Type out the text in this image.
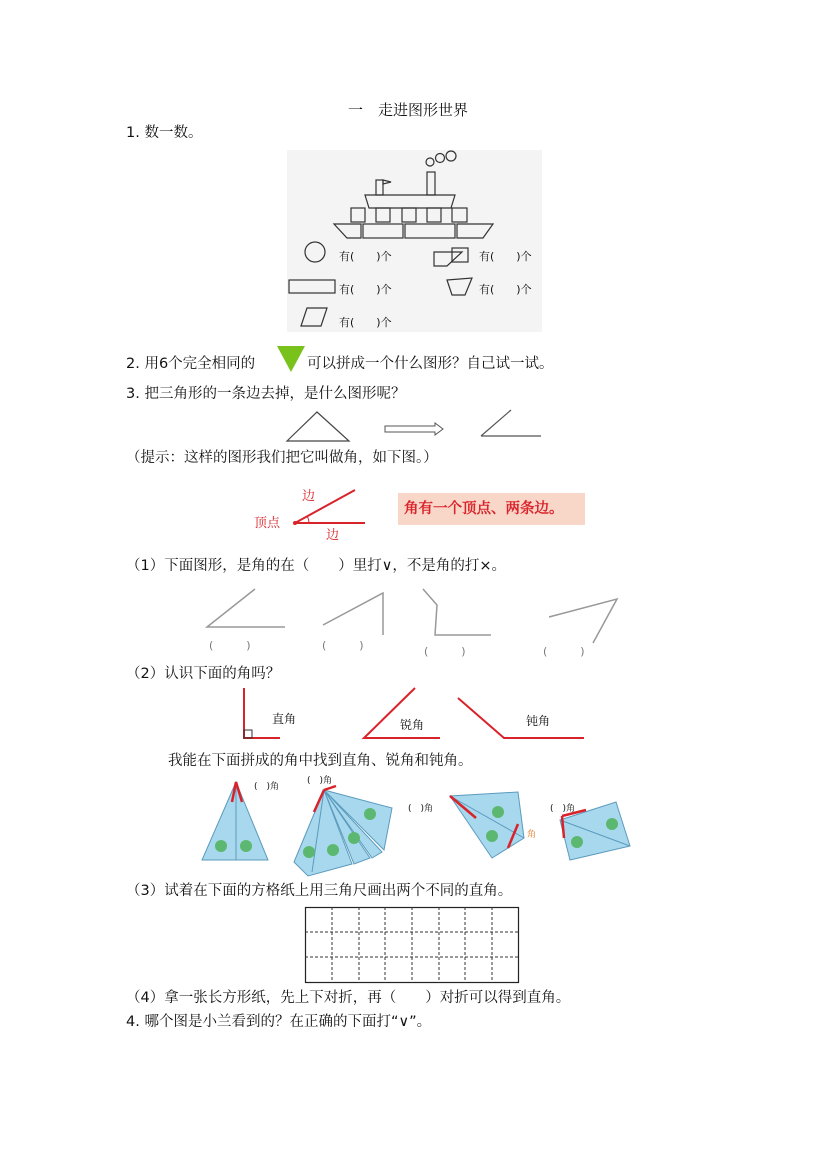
一　走进图形世界
1. 数一数。
有(　　)个	有(　　)个
有(　　)个	有(　　)个
有(　　)个
2. 用6个完全相同的	可以拼成一个什么图形？自己试一试。
3. 把三角形的一条边去掉，是什么图形呢？
（提示：这样的图形我们把它叫做角，如下图。）
边
顶点
边
角有一个顶点、两条边。
（1）下面图形，是角的在（　　）里打∨，不是角的打×。
(　　　)	(　　　)	(　　　)	(　　　)
（2）认识下面的角吗？
直角	锐角	钝角
我能在下面拼成的角中找到直角、锐角和钝角。
(　)角
(　)角
(　)角
角
(　)角
（3）试着在下面的方格纸上用三角尺画出两个不同的直角。
（4）拿一张长方形纸，先上下对折，再（　　）对折可以得到直角。
4. 哪个图是小兰看到的？在正确的下面打“∨”。
